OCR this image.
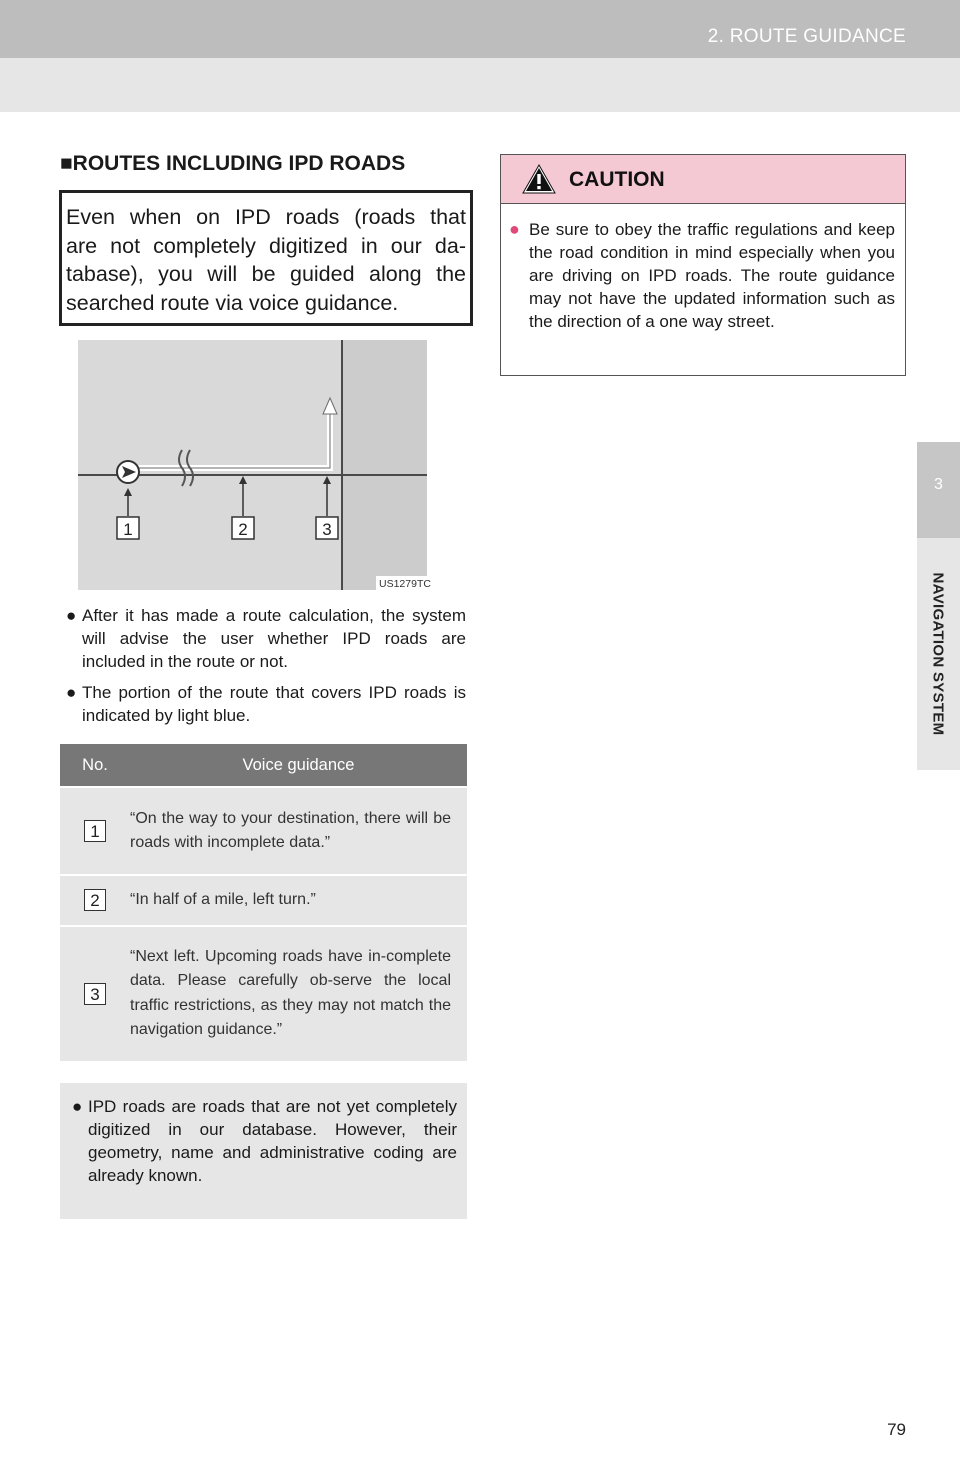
2. ROUTE GUIDANCE
3
NAVIGATION SYSTEM
■ROUTES INCLUDING IPD ROADS

Even when on IPD roads (roads that
are not completely digitized in our da-
tabase), you will be guided along the

searched route via voice guidance.

1	2	3
US1279TC
● After it has made a route calculation, the system will advise the user whether IPD roads are included in the route or not.
● The portion of the route that covers IPD roads is indicated by light blue.
No.	Voice guidance
1	“On the way to your destination, there will be roads with incomplete data.”
2	“In half of a mile, left turn.”
3	“Next left. Upcoming roads have in-complete data. Please carefully ob-serve the local traffic restrictions, as they may not match the navigation guidance.”
● IPD roads are roads that are not yet completely digitized in our database. However, their geometry, name and administrative coding are already known.
CAUTION
● Be sure to obey the traffic regulations and keep the road condition in mind especially when you are driving on IPD roads. The route guidance may not have the updated information such as the direction of a one way street.
79
